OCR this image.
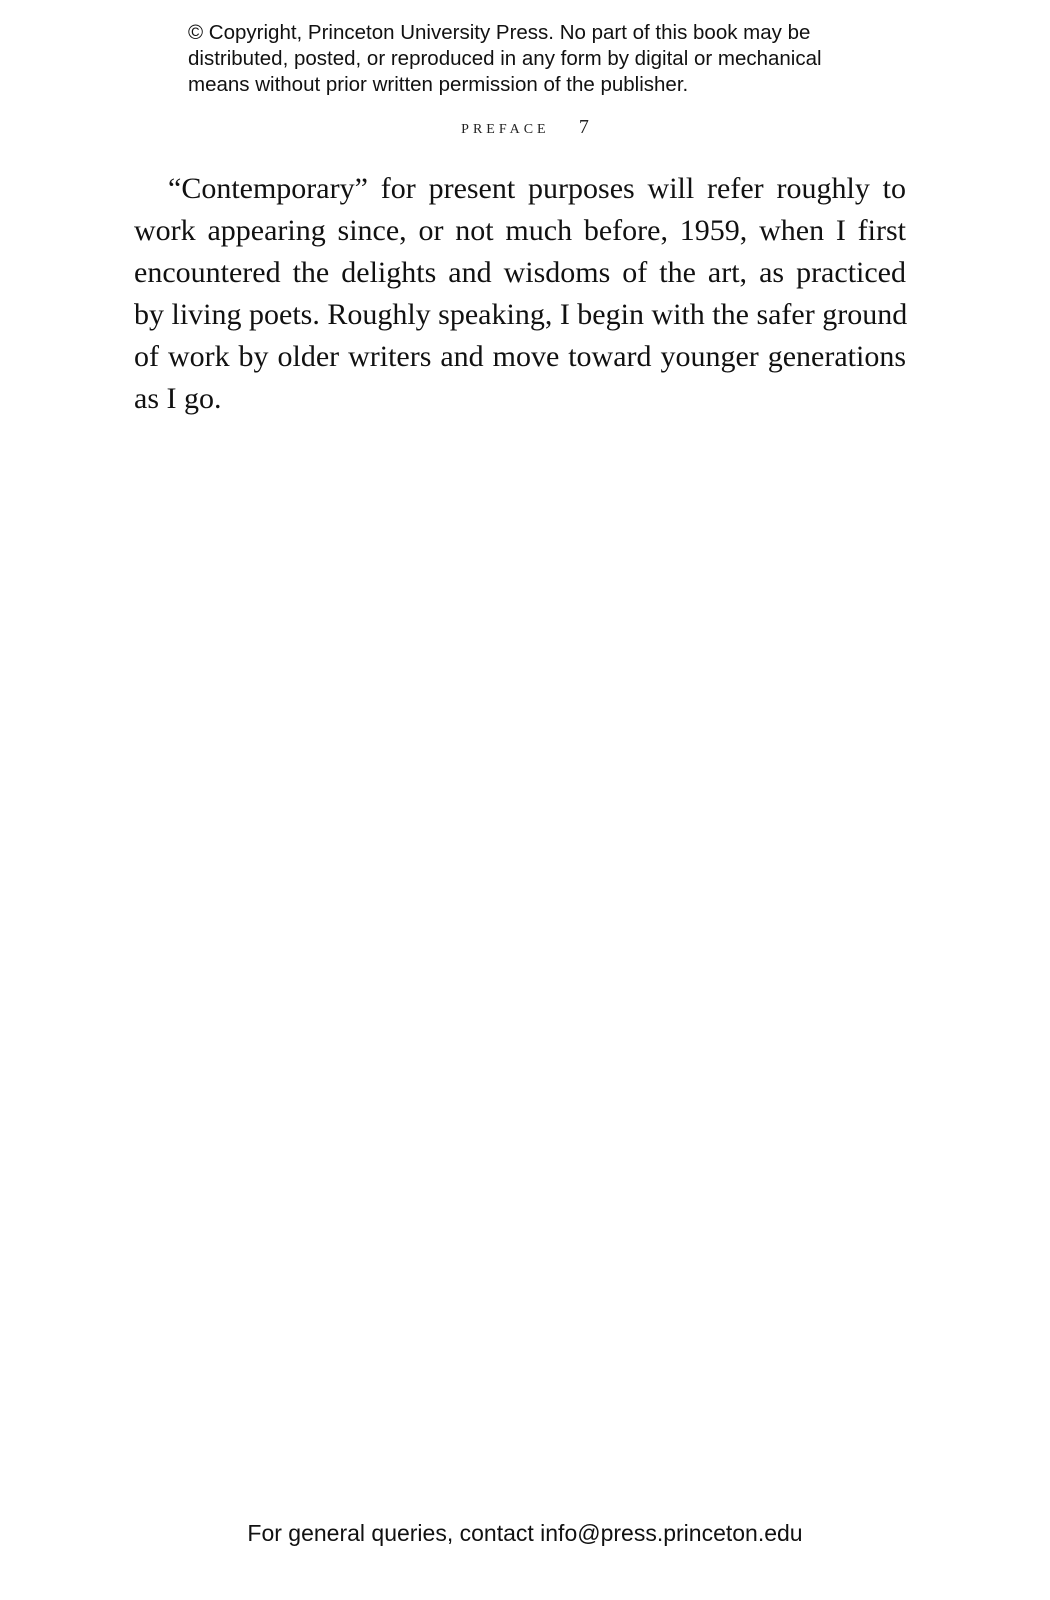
© Copyright, Princeton University Press. No part of this book may be
distributed, posted, or reproduced in any form by digital or mechanical
means without prior written permission of the publisher.
preface 7
“Contemporary” for present purposes will refer roughly to
work appearing since, or not much before, 1959, when I first
encountered the delights and wisdoms of the art, as practiced
by living poets. Roughly speaking, I begin with the safer ground
of work by older writers and move toward younger generations
as I go.
For general queries, contact info@press.princeton.edu
